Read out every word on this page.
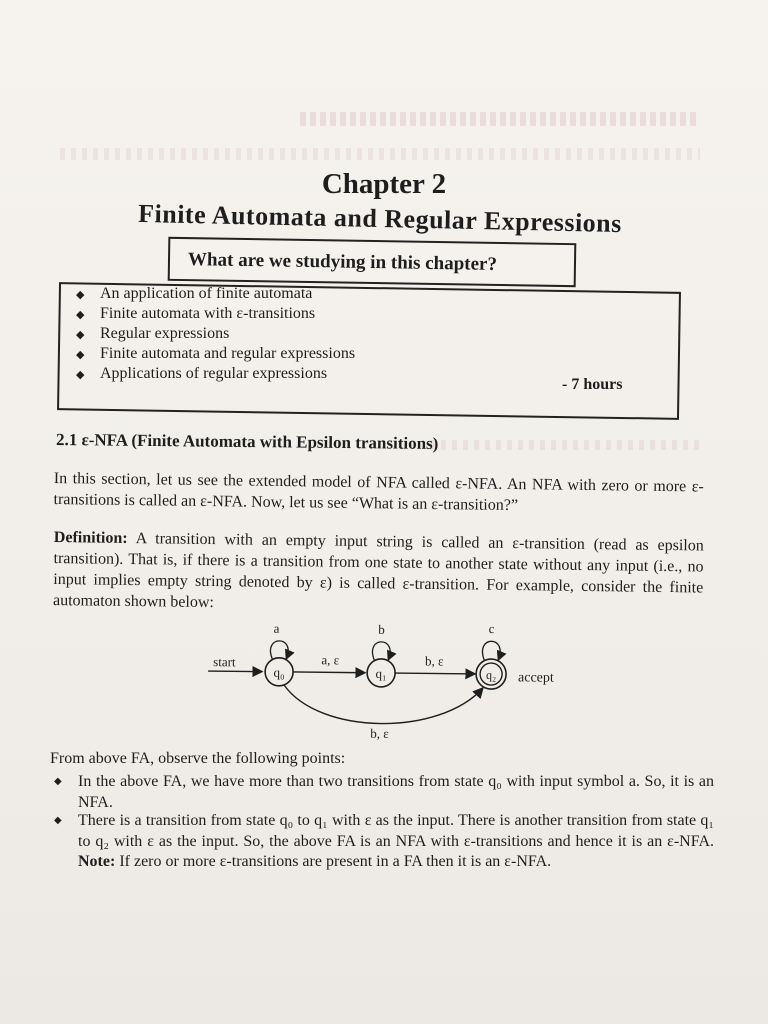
Chapter 2
Finite Automata and Regular Expressions
What are we studying in this chapter?
◆ An application of finite automata
◆ Finite automata with ε-transitions
◆ Regular expressions
◆ Finite automata and regular expressions
◆ Applications of regular expressions
- 7 hours
2.1 ε-NFA (Finite Automata with Epsilon transitions)
In this section, let us see the extended model of NFA called ε-NFA. An NFA with zero or more ε-transitions is called an ε-NFA. Now, let us see “What is an ε-transition?”
Definition: A transition with an empty input string is called an ε-transition (read as epsilon transition). That is, if there is a transition from one state to another state without any input (i.e., no input implies empty string denoted by ε) is called ε-transition. For example, consider the finite automaton shown below:
start
q₀
a
a, ε
q₁
b
b, ε
q₂
c
accept
b, ε
From above FA, observe the following points:
◆ In the above FA, we have more than two transitions from state q₀ with input symbol a. So, it is an NFA.
◆ There is a transition from state q₀ to q₁ with ε as the input. There is another transition from state q₁ to q₂ with ε as the input. So, the above FA is an NFA with ε-transitions and hence it is an ε-NFA. Note: If zero or more ε-transitions are present in a FA then it is an ε-NFA.
